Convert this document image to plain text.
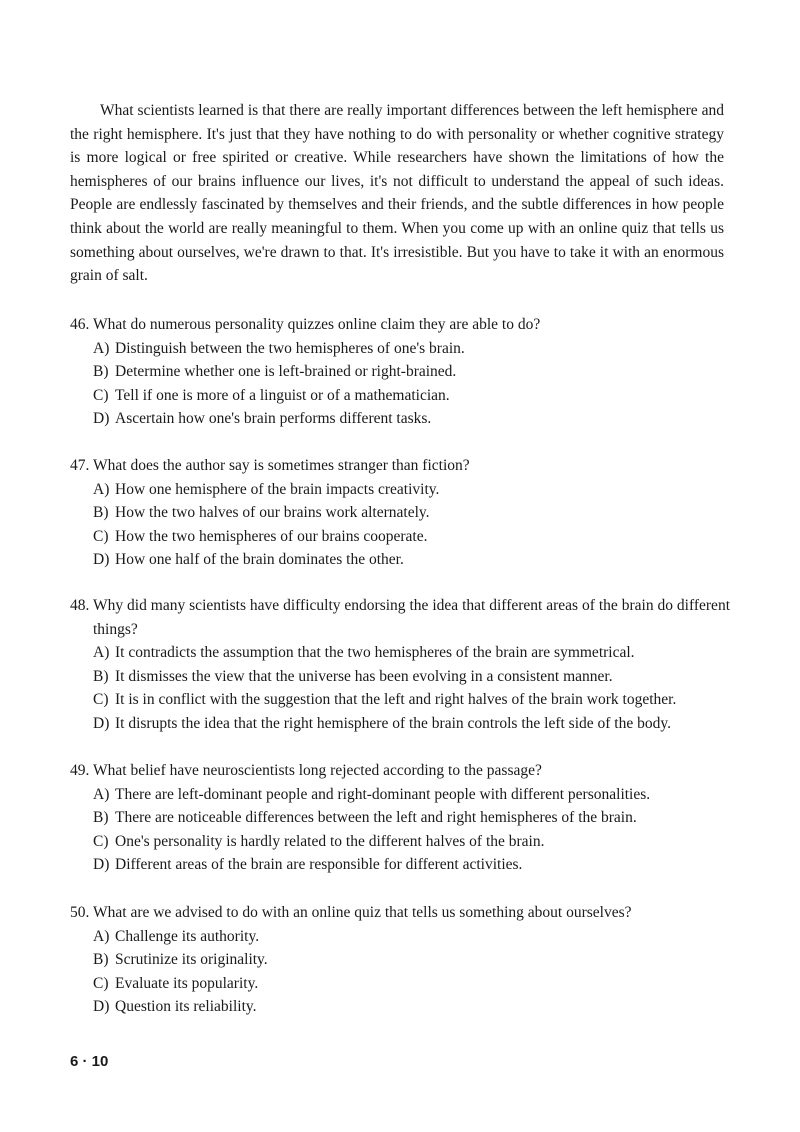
What scientists learned is that there are really important differences between the left hemisphere and the right hemisphere. It's just that they have nothing to do with personality or whether cognitive strategy is more logical or free spirited or creative. While researchers have shown the limitations of how the hemispheres of our brains influence our lives, it's not difficult to understand the appeal of such ideas. People are endlessly fascinated by themselves and their friends, and the subtle differences in how people think about the world are really meaningful to them. When you come up with an online quiz that tells us something about ourselves, we're drawn to that. It's irresistible. But you have to take it with an enormous grain of salt.

46. What do numerous personality quizzes online claim they are able to do?
A) Distinguish between the two hemispheres of one's brain.
B) Determine whether one is left-brained or right-brained.
C) Tell if one is more of a linguist or of a mathematician.
D) Ascertain how one's brain performs different tasks.
47. What does the author say is sometimes stranger than fiction?
A) How one hemisphere of the brain impacts creativity.
B) How the two halves of our brains work alternately.
C) How the two hemispheres of our brains cooperate.
D) How one half of the brain dominates the other.
48. Why did many scientists have difficulty endorsing the idea that different areas of the brain do different things?
A) It contradicts the assumption that the two hemispheres of the brain are symmetrical.
B) It dismisses the view that the universe has been evolving in a consistent manner.
C) It is in conflict with the suggestion that the left and right halves of the brain work together.
D) It disrupts the idea that the right hemisphere of the brain controls the left side of the body.
49. What belief have neuroscientists long rejected according to the passage?
A) There are left-dominant people and right-dominant people with different personalities.
B) There are noticeable differences between the left and right hemispheres of the brain.
C) One's personality is hardly related to the different halves of the brain.
D) Different areas of the brain are responsible for different activities.
50. What are we advised to do with an online quiz that tells us something about ourselves?
A) Challenge its authority.
B) Scrutinize its originality.
C) Evaluate its popularity.
D) Question its reliability.
6 · 10
